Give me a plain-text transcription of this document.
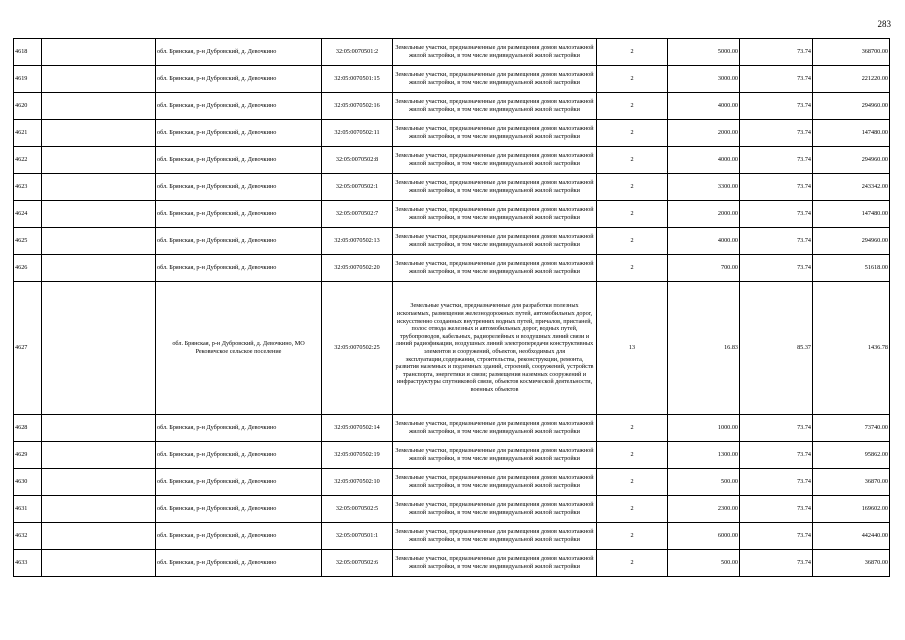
283
4618		обл. Брянская, р-н Дубровский, д. Девочкино	32:05:0070501:2	Земельные участки, предназначенные для размещения домов малоэтажной жилой застройки, в том числе индивидуальной жилой застройки	2	5000.00	73.74	368700.00
4619		обл. Брянская, р-н Дубровский, д. Девочкино	32:05:0070501:15	Земельные участки, предназначенные для размещения домов малоэтажной жилой застройки, в том числе индивидуальной жилой застройки	2	3000.00	73.74	221220.00
4620		обл. Брянская, р-н Дубровский, д. Девочкино	32:05:0070502:16	Земельные участки, предназначенные для размещения домов малоэтажной жилой застройки, в том числе индивидуальной жилой застройки	2	4000.00	73.74	294960.00
4621		обл. Брянская, р-н Дубровский, д. Девочкино	32:05:0070502:11	Земельные участки, предназначенные для размещения домов малоэтажной жилой застройки, в том числе индивидуальной жилой застройки	2	2000.00	73.74	147480.00
4622		обл. Брянская, р-н Дубровский, д. Девочкино	32:05:0070502:8	Земельные участки, предназначенные для размещения домов малоэтажной жилой застройки, в том числе индивидуальной жилой застройки	2	4000.00	73.74	294960.00
4623		обл. Брянская, р-н Дубровский, д. Девочкино	32:05:0070502:1	Земельные участки, предназначенные для размещения домов малоэтажной жилой застройки, в том числе индивидуальной жилой застройки	2	3300.00	73.74	243342.00
4624		обл. Брянская, р-н Дубровский, д. Девочкино	32:05:0070502:7	Земельные участки, предназначенные для размещения домов малоэтажной жилой застройки, в том числе индивидуальной жилой застройки	2	2000.00	73.74	147480.00
4625		обл. Брянская, р-н Дубровский, д. Девочкино	32:05:0070502:13	Земельные участки, предназначенные для размещения домов малоэтажной жилой застройки, в том числе индивидуальной жилой застройки	2	4000.00	73.74	294960.00
4626		обл. Брянская, р-н Дубровский, д. Девочкино	32:05:0070502:20	Земельные участки, предназначенные для размещения домов малоэтажной жилой застройки, в том числе индивидуальной жилой застройки	2	700.00	73.74	51618.00
4627		обл. Брянская, р-н Дубровский, д. Девочкино, МО Рековичское сельское поселение	32:05:0070502:25	Земельные участки, предназначенные для разработки полезных ископаемых, размещения железнодорожных путей, автомобильных дорог, искусственно созданных внутренних водных путей, причалов, пристаней, полос отвода железных и автомобильных дорог, водных путей, трубопроводов, кабельных, радиорелейных и воздушных линий связи и линий радиофикации, воздушных линий электропередачи конструктивных элементов и сооружений, объектов, необходимых для эксплуатации,содержания, строительства, реконструкции, ремонта, развития наземных и подземных зданий, строений, сооружений, устройств транспорта, энергетики и связи; размещения наземных сооружений и инфраструктуры спутниковой связи, объектов космической деятельности, военных объектов	13	16.83	85.37	1436.78
4628		обл. Брянская, р-н Дубровский, д. Девочкино	32:05:0070502:14	Земельные участки, предназначенные для размещения домов малоэтажной жилой застройки, в том числе индивидуальной жилой застройки	2	1000.00	73.74	73740.00
4629		обл. Брянская, р-н Дубровский, д. Девочкино	32:05:0070502:19	Земельные участки, предназначенные для размещения домов малоэтажной жилой застройки, в том числе индивидуальной жилой застройки	2	1300.00	73.74	95862.00
4630		обл. Брянская, р-н Дубровский, д. Девочкино	32:05:0070502:10	Земельные участки, предназначенные для размещения домов малоэтажной жилой застройки, в том числе индивидуальной жилой застройки	2	500.00	73.74	36870.00
4631		обл. Брянская, р-н Дубровский, д. Девочкино	32:05:0070502:5	Земельные участки, предназначенные для размещения домов малоэтажной жилой застройки, в том числе индивидуальной жилой застройки	2	2300.00	73.74	169602.00
4632		обл. Брянская, р-н Дубровский, д. Девочкино	32:05:0070501:1	Земельные участки, предназначенные для размещения домов малоэтажной жилой застройки, в том числе индивидуальной жилой застройки	2	6000.00	73.74	442440.00
4633		обл. Брянская, р-н Дубровский, д. Девочкино	32:05:0070502:6	Земельные участки, предназначенные для размещения домов малоэтажной жилой застройки, в том числе индивидуальной жилой застройки	2	500.00	73.74	36870.00
